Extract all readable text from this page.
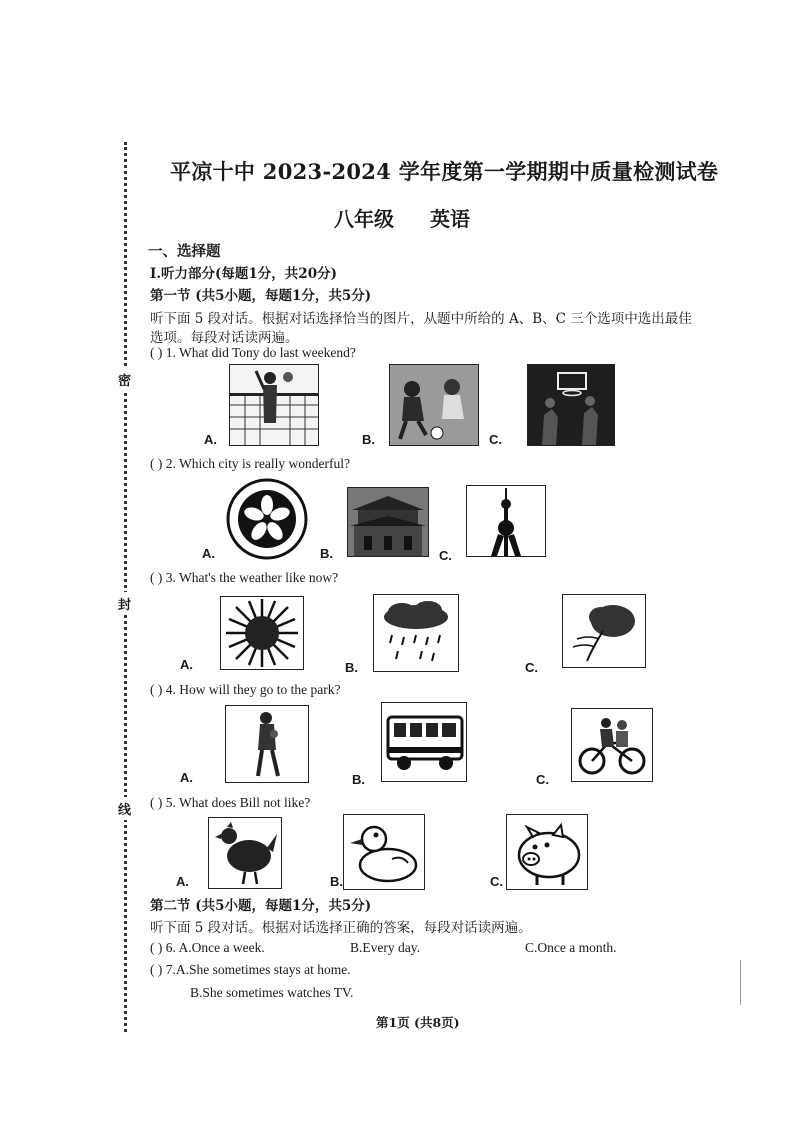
密
封
线
平凉十中 2023-2024 学年度第一学期期中质量检测试卷
八年级 英语
一、选择题
I.听力部分(每题1分，共20分)
第一节 (共5小题，每题1分，共5分)
听下面 5 段对话。根据对话选择恰当的图片，从题中所给的 A、B、C 三个选项中选出最佳
选项。每段对话读两遍。
( ) 1. What did Tony do last weekend?
A.	B.	C.
( ) 2. Which city is really wonderful?
A.	B.	C.
( ) 3. What's the weather like now?
A.	B.	C.
( ) 4. How will they go to the park?
A.	B.	C.
( ) 5. What does Bill not like?
A.	B.	C.
第二节 (共5小题，每题1分，共5分)
听下面 5 段对话。根据对话选择正确的答案，每段对话读两遍。
( ) 6. A.Once a week.	B.Every day.	C.Once a month.
( ) 7.A.She sometimes stays at home.
B.She sometimes watches TV.
第1页 (共8页)
